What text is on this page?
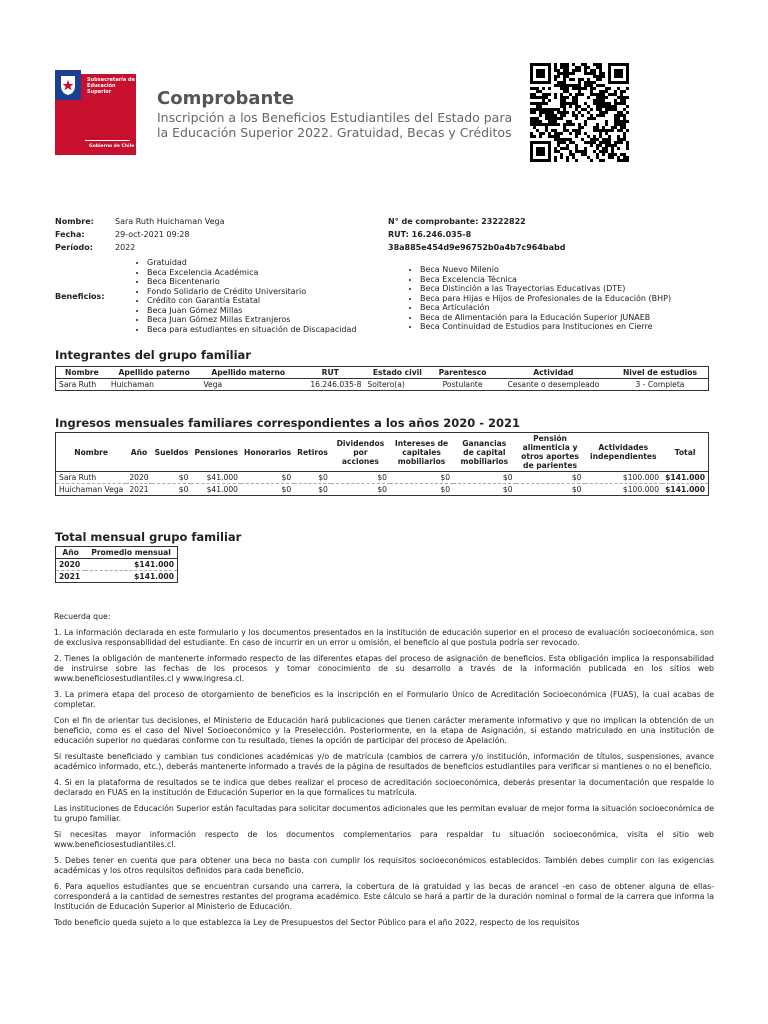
Subsecretaría de Educación Superior
Gobierno de Chile
Comprobante
Inscripción a los Beneficios Estudiantiles del Estado para la Educación Superior 2022. Gratuidad, Becas y Créditos
Nombre:	Sara Ruth Huichaman Vega
Fecha:	29-oct-2021 09:28
Período:	2022
N° de comprobante: 23222822
RUT: 16.246.035-8
38a885e454d9e96752b0a4b7c964babd
Beneficios:
• Gratuidad
• Beca Excelencia Académica
• Beca Bicentenario
• Fondo Solidario de Crédito Universitario
• Crédito con Garantía Estatal
• Beca Juan Gómez Millas
• Beca Juan Gómez Millas Extranjeros
• Beca para estudiantes en situación de Discapacidad
• Beca Nuevo Milenio
• Beca Excelencia Técnica
• Beca Distinción a las Trayectorias Educativas (DTE)
• Beca para Hijas e Hijos de Profesionales de la Educación (BHP)
• Beca Articulación
• Beca de Alimentación para la Educación Superior JUNAEB
• Beca Continuidad de Estudios para Instituciones en Cierre
Integrantes del grupo familiar
Nombre	Apellido paterno	Apellido materno	RUT	Estado civil	Parentesco	Actividad	Nivel de estudios
Sara Ruth	Huichaman	Vega	16.246.035-8	Soltero(a)	Postulante	Cesante o desempleado	3 - Completa
Ingresos mensuales familiares correspondientes a los años 2020 - 2021
Nombre	Año	Sueldos	Pensiones	Honorarios	Retiros	Dividendos por acciones	Intereses de capitales mobiliarios	Ganancias de capital mobiliarios	Pensión alimenticia y otros aportes de parientes	Actividades independientes	Total
Sara Ruth	2020	$0	$41.000	$0	$0	$0	$0	$0	$0	$100.000	$141.000
Huichaman Vega	2021	$0	$41.000	$0	$0	$0	$0	$0	$0	$100.000	$141.000
Total mensual grupo familiar
Año	Promedio mensual
2020	$141.000
2021	$141.000

Recuerda que:

1. La información declarada en este formulario y los documentos presentados en la institución de educación superior en el proceso de evaluación socioeconómica, son de exclusiva responsabilidad del estudiante. En caso de incurrir en un error u omisión, el beneficio al que postula podría ser revocado.

2. Tienes la obligación de mantenerte informado respecto de las diferentes etapas del proceso de asignación de beneficios. Esta obligación implica la responsabilidad de instruirse sobre las fechas de los procesos y tomar conocimiento de su desarrollo a través de la información publicada en los sitios web www.beneficiosestudiantiles.cl y www.ingresa.cl.

3. La primera etapa del proceso de otorgamiento de beneficios es la inscripción en el Formulario Único de Acreditación Socioeconómica (FUAS), la cual acabas de completar.

Con el fin de orientar tus decisiones, el Ministerio de Educación hará publicaciones que tienen carácter meramente informativo y que no implican la obtención de un beneficio, como es el caso del Nivel Socioeconómico y la Preselección. Posteriormente, en la etapa de Asignación, si estando matriculado en una institución de educación superior no quedaras conforme con tu resultado, tienes la opción de participar del proceso de Apelación.

Si resultaste beneficiado y cambian tus condiciones académicas y/o de matrícula (cambios de carrera y/o institución, información de títulos, suspensiones, avance académico informado, etc.), deberás mantenerte informado a través de la página de resultados de beneficios estudiantiles para verificar si mantienes o no el beneficio.

4. Si en la plataforma de resultados se te indica que debes realizar el proceso de acreditación socioeconómica, deberás presentar la documentación que respalde lo declarado en FUAS en la institución de Educación Superior en la que formalices tu matrícula.

Las instituciones de Educación Superior están facultadas para solicitar documentos adicionales que les permitan evaluar de mejor forma la situación socioeconómica de tu grupo familiar.

Si necesitas mayor información respecto de los documentos complementarios para respaldar tu situación socioeconómica, visita el sitio web www.beneficiosestudiantiles.cl.

5. Debes tener en cuenta que para obtener una beca no basta con cumplir los requisitos socioeconómicos establecidos. También debes cumplir con las exigencias académicas y los otros requisitos definidos para cada beneficio.

6. Para aquellos estudiantes que se encuentran cursando una carrera, la cobertura de la gratuidad y las becas de arancel -en caso de obtener alguna de ellas- corresponderá a la cantidad de semestres restantes del programa académico. Este cálculo se hará a partir de la duración nominal o formal de la carrera que informa la Institución de Educación Superior al Ministerio de Educación.

Todo beneficio queda sujeto a lo que establezca la Ley de Presupuestos del Sector Público para el año 2022, respecto de los requisitos
